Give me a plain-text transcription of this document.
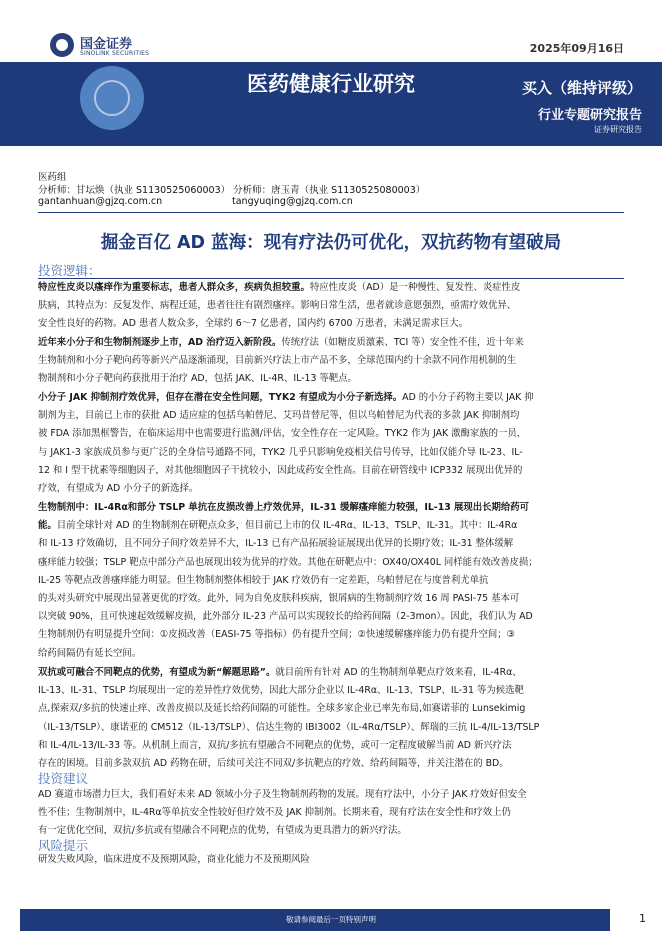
国金证券
SINOLINK SECURITIES	2025年09月16日
医药健康行业研究	买入（维持评级）
行业专题研究报告
证券研究报告
医药组
分析师：甘坛焕（执业 S1130525060003） 分析师：唐玉青（执业 S1130525080003）
gantanhuan@gjzq.com.cn	tangyuqing@gjzq.com.cn
掘金百亿 AD 蓝海：现有疗法仍可优化，双抗药物有望破局
投资逻辑：
特应性皮炎以瘙痒作为重要标志，患者人群众多，疾病负担较重。特应性皮炎（AD）是一种慢性、复发性、炎症性皮
肤病，其特点为：反复发作、病程迁延，患者往往有剧烈瘙痒。影响日常生活，患者就诊意愿强烈，亟需疗效优异、
安全性良好的药物。AD 患者人数众多，全球约 6～7 亿患者，国内约 6700 万患者，未满足需求巨大。
近年来小分子和生物制剂逐步上市，AD 治疗迈入新阶段。传统疗法（如糖皮质激素、TCI 等）安全性不佳，近十年来
生物制剂和小分子靶向药等新兴产品逐渐涌现，目前新兴疗法上市产品不多，全球范围内约十余款不同作用机制的生
物制剂和小分子靶向药获批用于治疗 AD，包括 JAK、IL-4R、IL-13 等靶点。
小分子 JAK 抑制剂疗效优异，但存在潜在安全性问题，TYK2 有望成为小分子新选择。AD 的小分子药物主要以 JAK 抑
制剂为主，目前已上市的获批 AD 适应症的包括乌帕替尼、艾玛昔替尼等，但以乌帕替尼为代表的多款 JAK 抑制剂均
被 FDA 添加黑框警告，在临床运用中也需要进行监测/评估，安全性存在一定风险。TYK2 作为 JAK 激酶家族的一员，
与 JAK1-3 家族成员参与更广泛的全身信号通路不同，TYK2 几乎只影响免疫相关信号传导，比如仅能介导 IL-23、IL-
12 和 I 型干扰素等细胞因子，对其他细胞因子干扰较小，因此成药安全性高。目前在研管线中 ICP332 展现出优异的
疗效，有望成为 AD 小分子的新选择。
生物制剂中：IL-4Rα和部分 TSLP 单抗在皮损改善上疗效优异，IL-31 缓解瘙痒能力较强，IL-13 展现出长期给药可
能。目前全球针对 AD 的生物制剂在研靶点众多，但目前已上市的仅 IL-4Rα、IL-13、TSLP、IL-31。其中：IL-4Rα
和 IL-13 疗效确切，且不同分子间疗效差异不大，IL-13 已有产品拓展验证展现出优异的长期疗效；IL-31 整体缓解
瘙痒能力较强；TSLP 靶点中部分产品也展现出较为优异的疗效。其他在研靶点中：OX40/OX40L 同样能有效改善皮损；
IL-25 等靶点改善瘙痒能力明显。但生物制剂整体相较于 JAK 疗效仍有一定差距，乌帕替尼在与度普利尤单抗
的头对头研究中展现出显著更优的疗效。此外，同为自免皮肤科疾病，银屑病的生物制剂疗效 16 周 PASI-75 基本可
以突破 90%，且可快速起效缓解皮损，此外部分 IL-23 产品可以实现较长的给药间隔（2-3mon）。因此，我们认为 AD
生物制剂仍有明显提升空间：①皮损改善（EASI-75 等指标）仍有提升空间；②快速缓解瘙痒能力仍有提升空间；③
给药间隔仍有延长空间。
双抗或可融合不同靶点的优势，有望成为新“解题思路”。就目前所有针对 AD 的生物制剂单靶点疗效来看，IL-4Rα、
IL-13、IL-31、TSLP 均展现出一定的差异性疗效优势，因此大部分企业以 IL-4Rα、IL-13、TSLP、IL-31 等为候选靶
点,探索双/多抗的快速止痒、改善皮损以及延长给药间隔的可能性。全球多家企业已率先布局,如赛诺菲的 Lunsekimig
（IL-13/TSLP）、康诺亚的 CM512（IL-13/TSLP）、信达生物的 IBI3002（IL-4Rα/TSLP）、辉瑞的三抗 IL-4/IL-13/TSLP
和 IL-4/IL-13/IL-33 等。从机制上而言，双抗/多抗有望融合不同靶点的优势，或可一定程度破解当前 AD 新兴疗法
存在的困境。目前多款双抗 AD 药物在研，后续可关注不同双/多抗靶点的疗效、给药间隔等，并关注潜在的 BD。
投资建议
AD 赛道市场潜力巨大，我们看好未来 AD 领域小分子及生物制剂药物的发展。现有疗法中，小分子 JAK 疗效好但安全
性不佳；生物制剂中，IL-4Rα等单抗安全性较好但疗效不及 JAK 抑制剂。长期来看，现有疗法在安全性和疗效上仍
有一定优化空间，双抗/多抗或有望融合不同靶点的优势，有望成为更具潜力的新兴疗法。
风险提示
研发失败风险，临床进度不及预期风险，商业化能力不及预期风险
敬请参阅最后一页特别声明	1
